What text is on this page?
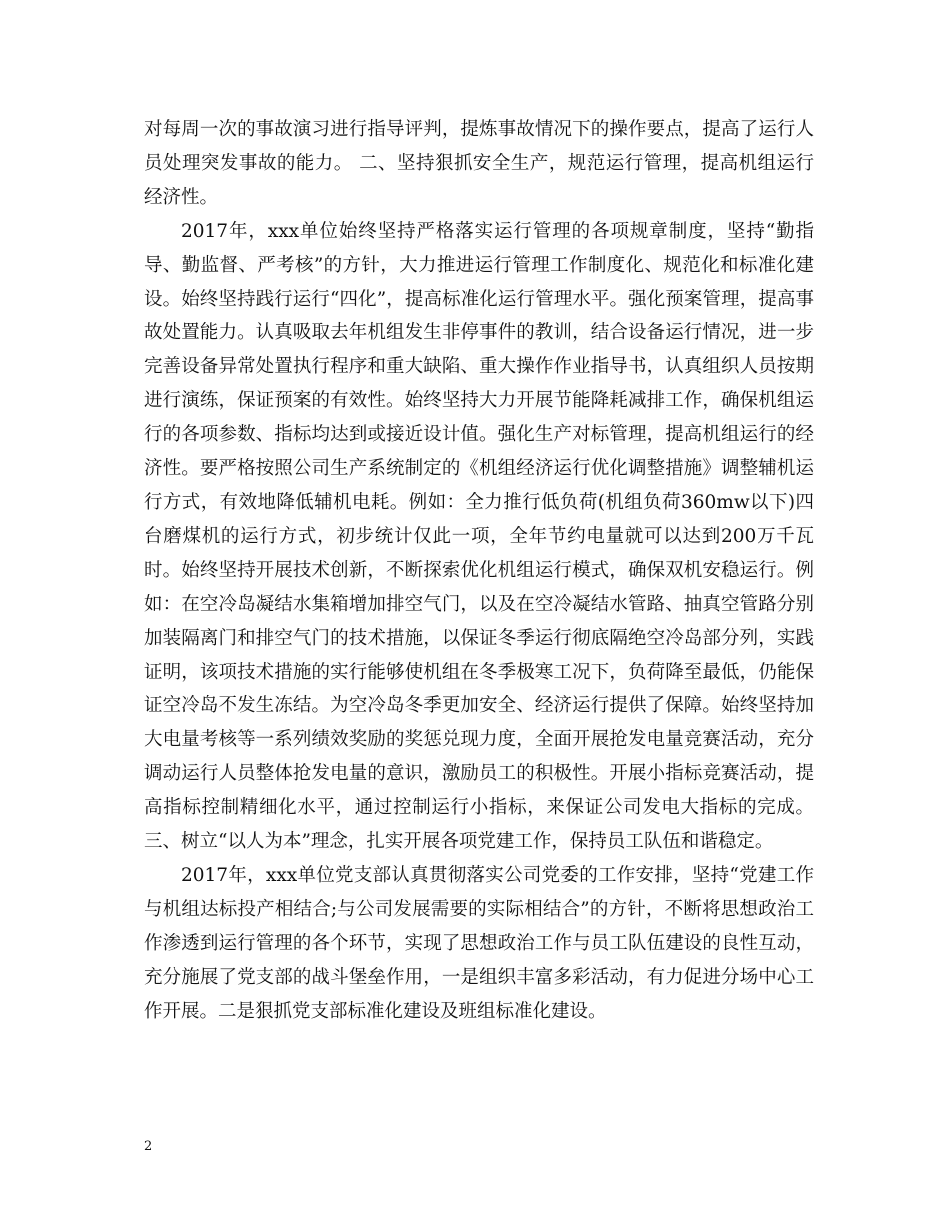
对每周一次的事故演习进行指导评判，提炼事故情况下的操作要点，提高了运行人员处理突发事故的能力。 二、坚持狠抓安全生产，规范运行管理，提高机组运行经济性。

2017年，xxx单位始终坚持严格落实运行管理的各项规章制度，坚持“勤指导、勤监督、严考核”的方针，大力推进运行管理工作制度化、规范化和标准化建设。始终坚持践行运行“四化”，提高标准化运行管理水平。强化预案管理，提高事故处置能力。认真吸取去年机组发生非停事件的教训，结合设备运行情况，进一步完善设备异常处置执行程序和重大缺陷、重大操作作业指导书，认真组织人员按期进行演练，保证预案的有效性。始终坚持大力开展节能降耗减排工作，确保机组运行的各项参数、指标均达到或接近设计值。强化生产对标管理，提高机组运行的经济性。要严格按照公司生产系统制定的《机组经济运行优化调整措施》调整辅机运行方式，有效地降低辅机电耗。例如：全力推行低负荷(机组负荷360mw以下)四台磨煤机的运行方式，初步统计仅此一项，全年节约电量就可以达到200万千瓦时。始终坚持开展技术创新，不断探索优化机组运行模式，确保双机安稳运行。例如：在空冷岛凝结水集箱增加排空气门，以及在空冷凝结水管路、抽真空管路分别加装隔离门和排空气门的技术措施，以保证冬季运行彻底隔绝空冷岛部分列，实践证明，该项技术措施的实行能够使机组在冬季极寒工况下，负荷降至最低，仍能保证空冷岛不发生冻结。为空冷岛冬季更加安全、经济运行提供了保障。始终坚持加大电量考核等一系列绩效奖励的奖惩兑现力度，全面开展抢发电量竞赛活动，充分调动运行人员整体抢发电量的意识，激励员工的积极性。开展小指标竞赛活动，提高指标控制精细化水平，通过控制运行小指标，来保证公司发电大指标的完成。 三、树立“以人为本”理念，扎实开展各项党建工作，保持员工队伍和谐稳定。

2017年，xxx单位党支部认真贯彻落实公司党委的工作安排，坚持“党建工作与机组达标投产相结合;与公司发展需要的实际相结合”的方针，不断将思想政治工作渗透到运行管理的各个环节，实现了思想政治工作与员工队伍建设的良性互动，充分施展了党支部的战斗堡垒作用，一是组织丰富多彩活动，有力促进分场中心工作开展。二是狠抓党支部标准化建设及班组标准化建设。

2
